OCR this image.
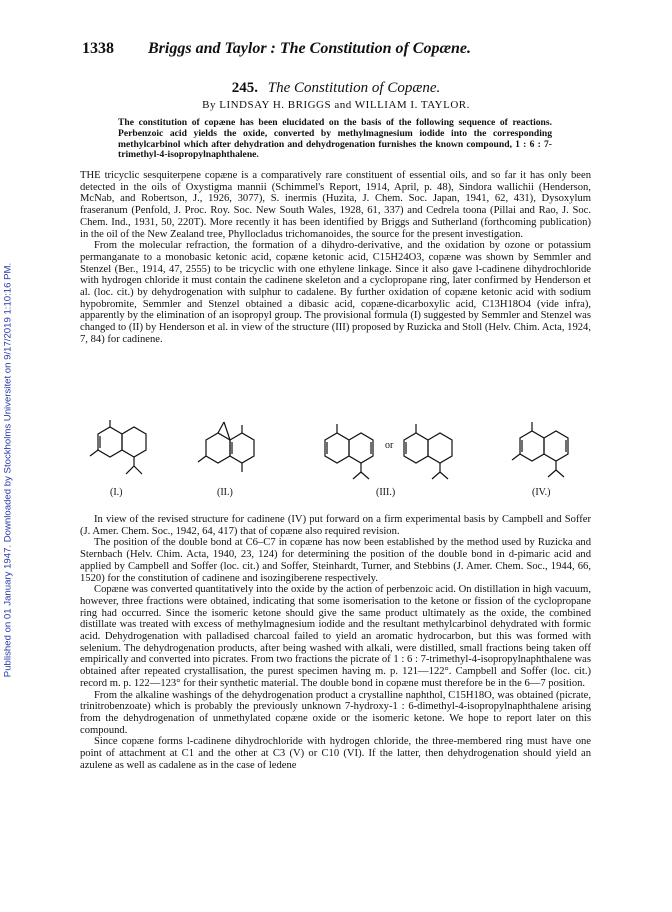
Published on 01 January 1947. Downloaded by Stockholms Universitet on 9/17/2019 1:10:16 PM.
1338 Briggs and Taylor : The Constitution of Copæne.
245. The Constitution of Copæne.
By LINDSAY H. BRIGGS and WILLIAM I. TAYLOR.
The constitution of copæne has been elucidated on the basis of the following sequence of reactions. Perbenzoic acid yields the oxide, converted by methylmagnesium iodide into the corresponding methylcarbinol which after dehydration and dehydrogenation furnishes the known compound, 1 : 6 : 7-trimethyl-4-isopropylnaphthalene.

THE tricyclic sesquiterpene copæne is a comparatively rare constituent of essential oils, and so far it has only been detected in the oils of Oxystigma mannii (Schimmel's Report, 1914, April, p. 48), Sindora wallichii (Henderson, McNab, and Robertson, J., 1926, 3077), S. inermis (Huzita, J. Chem. Soc. Japan, 1941, 62, 431), Dysoxylum fraseranum (Penfold, J. Proc. Roy. Soc. New South Wales, 1928, 61, 337) and Cedrela toona (Pillai and Rao, J. Soc. Chem. Ind., 1931, 50, 220T). More recently it has been identified by Briggs and Sutherland (forthcoming publication) in the oil of the New Zealand tree, Phyllocladus trichomanoides, the source for the present investigation.

From the molecular refraction, the formation of a dihydro-derivative, and the oxidation by ozone or potassium permanganate to a monobasic ketonic acid, copæne ketonic acid, C15H24O3, copæne was shown by Semmler and Stenzel (Ber., 1914, 47, 2555) to be tricyclic with one ethylene linkage. Since it also gave l-cadinene dihydrochloride with hydrogen chloride it must contain the cadinene skeleton and a cyclopropane ring, later confirmed by Henderson et al. (loc. cit.) by dehydrogenation with sulphur to cadalene. By further oxidation of copæne ketonic acid with sodium hypobromite, Semmler and Stenzel obtained a dibasic acid, copæne-dicarboxylic acid, C13H18O4 (vide infra), apparently by the elimination of an isopropyl group. The provisional formula (I) suggested by Semmler and Stenzel was changed to (II) by Henderson et al. in view of the structure (III) proposed by Ruzicka and Stoll (Helv. Chim. Acta, 1924, 7, 84) for cadinene.

(I.)	(II.)	(III.)	(IV.)
or

In view of the revised structure for cadinene (IV) put forward on a firm experimental basis by Campbell and Soffer (J. Amer. Chem. Soc., 1942, 64, 417) that of copæne also required revision.

The position of the double bond at C6–C7 in copæne has now been established by the method used by Ruzicka and Sternbach (Helv. Chim. Acta, 1940, 23, 124) for determining the position of the double bond in d-pimaric acid and applied by Campbell and Soffer (loc. cit.) and Soffer, Steinhardt, Turner, and Stebbins (J. Amer. Chem. Soc., 1944, 66, 1520) for the constitution of cadinene and isozingiberene respectively.

Copæne was converted quantitatively into the oxide by the action of perbenzoic acid. On distillation in high vacuum, however, three fractions were obtained, indicating that some isomerisation to the ketone or fission of the cyclopropane ring had occurred. Since the isomeric ketone should give the same product ultimately as the oxide, the combined distillate was treated with excess of methylmagnesium iodide and the resultant methylcarbinol dehydrated with formic acid. Dehydrogenation with palladised charcoal failed to yield an aromatic hydrocarbon, but this was formed with selenium. The dehydrogenation products, after being washed with alkali, were distilled, small fractions being taken off empirically and converted into picrates. From two fractions the picrate of 1 : 6 : 7-trimethyl-4-isopropylnaphthalene was obtained after repeated crystallisation, the purest specimen having m. p. 121—122°. Campbell and Soffer (loc. cit.) record m. p. 122—123° for their synthetic material. The double bond in copæne must therefore be in the 6—7 position.

From the alkaline washings of the dehydrogenation product a crystalline naphthol, C15H18O, was obtained (picrate, trinitrobenzoate) which is probably the previously unknown 7-hydroxy-1 : 6-dimethyl-4-isopropylnaphthalene arising from the dehydrogenation of unmethylated copæne oxide or the isomeric ketone. We hope to report later on this compound.

Since copæne forms l-cadinene dihydrochloride with hydrogen chloride, the three-membered ring must have one point of attachment at C1 and the other at C3 (V) or C10 (VI). If the latter, then dehydrogenation should yield an azulene as well as cadalene as in the case of ledene
